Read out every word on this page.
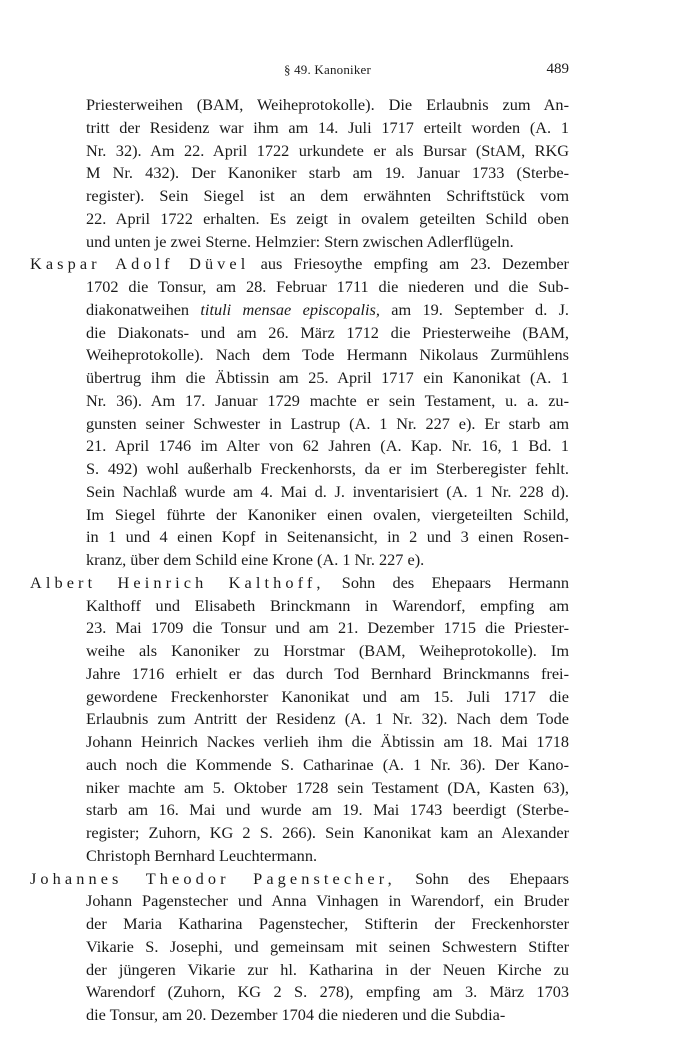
§ 49. Kanoniker	489
Priesterweihen (BAM, Weiheprotokolle). Die Erlaubnis zum An-
tritt der Residenz war ihm am 14. Juli 1717 erteilt worden (A. 1
Nr. 32). Am 22. April 1722 urkundete er als Bursar (StAM, RKG
M Nr. 432). Der Kanoniker starb am 19. Januar 1733 (Sterbe-
register). Sein Siegel ist an dem erwähnten Schriftstück vom
22. April 1722 erhalten. Es zeigt in ovalem geteilten Schild oben
und unten je zwei Sterne. Helmzier: Stern zwischen Adlerflügeln.
Kaspar Adolf Düvel aus Friesoythe empfing am 23. Dezember
1702 die Tonsur, am 28. Februar 1711 die niederen und die Sub-
diakonatweihen tituli mensae episcopalis, am 19. September d. J.
die Diakonats- und am 26. März 1712 die Priesterweihe (BAM,
Weiheprotokolle). Nach dem Tode Hermann Nikolaus Zurmühlens
übertrug ihm die Äbtissin am 25. April 1717 ein Kanonikat (A. 1
Nr. 36). Am 17. Januar 1729 machte er sein Testament, u. a. zu-
gunsten seiner Schwester in Lastrup (A. 1 Nr. 227 e). Er starb am
21. April 1746 im Alter von 62 Jahren (A. Kap. Nr. 16, 1 Bd. 1
S. 492) wohl außerhalb Freckenhorsts, da er im Sterberegister fehlt.
Sein Nachlaß wurde am 4. Mai d. J. inventarisiert (A. 1 Nr. 228 d).
Im Siegel führte der Kanoniker einen ovalen, viergeteilten Schild,
in 1 und 4 einen Kopf in Seitenansicht, in 2 und 3 einen Rosen-
kranz, über dem Schild eine Krone (A. 1 Nr. 227 e).
Albert Heinrich Kalthoff, Sohn des Ehepaars Hermann
Kalthoff und Elisabeth Brinckmann in Warendorf, empfing am
23. Mai 1709 die Tonsur und am 21. Dezember 1715 die Priester-
weihe als Kanoniker zu Horstmar (BAM, Weiheprotokolle). Im
Jahre 1716 erhielt er das durch Tod Bernhard Brinckmanns frei-
gewordene Freckenhorster Kanonikat und am 15. Juli 1717 die
Erlaubnis zum Antritt der Residenz (A. 1 Nr. 32). Nach dem Tode
Johann Heinrich Nackes verlieh ihm die Äbtissin am 18. Mai 1718
auch noch die Kommende S. Catharinae (A. 1 Nr. 36). Der Kano-
niker machte am 5. Oktober 1728 sein Testament (DA, Kasten 63),
starb am 16. Mai und wurde am 19. Mai 1743 beerdigt (Sterbe-
register; Zuhorn, KG 2 S. 266). Sein Kanonikat kam an Alexander
Christoph Bernhard Leuchtermann.
Johannes Theodor Pagenstecher, Sohn des Ehepaars
Johann Pagenstecher und Anna Vinhagen in Warendorf, ein Bruder
der Maria Katharina Pagenstecher, Stifterin der Freckenhorster
Vikarie S. Josephi, und gemeinsam mit seinen Schwestern Stifter
der jüngeren Vikarie zur hl. Katharina in der Neuen Kirche zu
Warendorf (Zuhorn, KG 2 S. 278), empfing am 3. März 1703
die Tonsur, am 20. Dezember 1704 die niederen und die Subdia-
